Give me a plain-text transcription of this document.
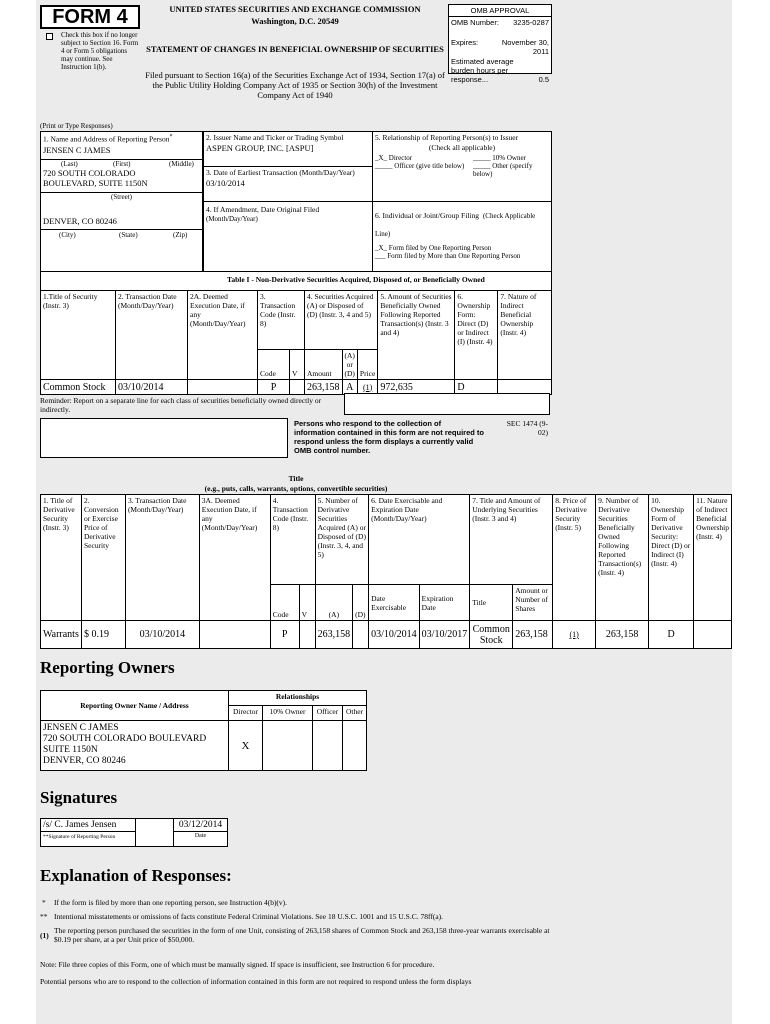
FORM 4
Check this box if no longer subject to Section 16. Form 4 or Form 5 obligations may continue. See Instruction 1(b).
UNITED STATES SECURITIES AND EXCHANGE COMMISSION
Washington, D.C. 20549
STATEMENT OF CHANGES IN BENEFICIAL OWNERSHIP OF SECURITIES
Filed pursuant to Section 16(a) of the Securities Exchange Act of 1934, Section 17(a) of the Public Utility Holding Company Act of 1935 or Section 30(h) of the Investment Company Act of 1940
OMB APPROVAL
OMB Number:	3235-0287
Expires:	November 30, 2011
Estimated average burden hours per response...	0.5
(Print or Type Responses)
1. Name and Address of Reporting Person*
JENSEN C JAMES
(Last)	(First)	(Middle)
720 SOUTH COLORADO
BOULEVARD, SUITE 1150N
(Street)
DENVER, CO 80246
(City)	(State)	(Zip)
2. Issuer Name and Ticker or Trading Symbol
ASPEN GROUP, INC. [ASPU]
3. Date of Earliest Transaction (Month/Day/Year)
03/10/2014
4. If Amendment, Date Original Filed (Month/Day/Year)
5. Relationship of Reporting Person(s) to Issuer
(Check all applicable)
_X_ Director	_____ 10% Owner
_____ Officer (give title below)	_____ Other (specify below)
6. Individual or Joint/Group Filing (Check Applicable Line)
_X_ Form filed by One Reporting Person
___ Form filed by More than One Reporting Person
Table I - Non-Derivative Securities Acquired, Disposed of, or Beneficially Owned
1.Title of Security (Instr. 3)	2. Transaction Date (Month/Day/Year)	2A. Deemed Execution Date, if any (Month/Day/Year)	3. Transaction Code (Instr. 8)		4. Securities Acquired (A) or Disposed of (D) (Instr. 3, 4 and 5)			5. Amount of Securities Beneficially Owned Following Reported Transaction(s) (Instr. 3 and 4)	6. Ownership Form: Direct (D) or Indirect (I) (Instr. 4)	7. Nature of Indirect Beneficial Ownership (Instr. 4)
			Code	V	Amount	(A) or (D)	Price			
Common Stock	03/10/2014		P		263,158	A	(1)	972,635	D	
Reminder: Report on a separate line for each class of securities beneficially owned directly or indirectly.
Persons who respond to the collection of information contained in this form are not required to respond unless the form displays a currently valid OMB control number.
SEC 1474 (9-02)
Title
(e.g., puts, calls, warrants, options, convertible securities)
1. Title of Derivative Security (Instr. 3)	2. Conversion or Exercise Price of Derivative Security	3. Transaction Date (Month/Day/Year)	3A. Deemed Execution Date, if any (Month/Day/Year)	4. Transaction Code (Instr. 8)		5. Number of Derivative Securities Acquired (A) or Disposed of (D) (Instr. 3, 4, and 5)		6. Date Exercisable and Expiration Date (Month/Day/Year)		7. Title and Amount of Underlying Securities (Instr. 3 and 4)		8. Price of Derivative Security (Instr. 5)	9. Number of Derivative Securities Beneficially Owned Following Reported Transaction(s) (Instr. 4)	10. Ownership Form of Derivative Security: Direct (D) or Indirect (I) (Instr. 4)	11. Nature of Indirect Beneficial Ownership (Instr. 4)
				Code	V	(A)	(D)	Date Exercisable	Expiration Date	Title	Amount or Number of Shares				
Warrants	$ 0.19	03/10/2014		P		263,158		03/10/2014	03/10/2017	Common Stock	263,158	(1)	263,158	D	
Reporting Owners
Reporting Owner Name / Address	Relationships			
	Director	10% Owner	Officer	Other

JENSEN C JAMES
720 SOUTH COLORADO BOULEVARD
SUITE 1150N
DENVER, CO 80246	X			
Signatures
/s/ C. James Jensen
**Signature of Reporting Person
03/12/2014
Date
Explanation of Responses:
* If the form is filed by more than one reporting person, see Instruction 4(b)(v).
** Intentional misstatements or omissions of facts constitute Federal Criminal Violations. See 18 U.S.C. 1001 and 15 U.S.C. 78ff(a).
(1)
The reporting person purchased the securities in the form of one Unit, consisting of 263,158 shares of Common Stock and 263,158 three-year warrants exercisable at $0.19 per share, at a per Unit price of $50,000.
Note: File three copies of this Form, one of which must be manually signed. If space is insufficient, see Instruction 6 for procedure.
Potential persons who are to respond to the collection of information contained in this form are not required to respond unless the form displays
